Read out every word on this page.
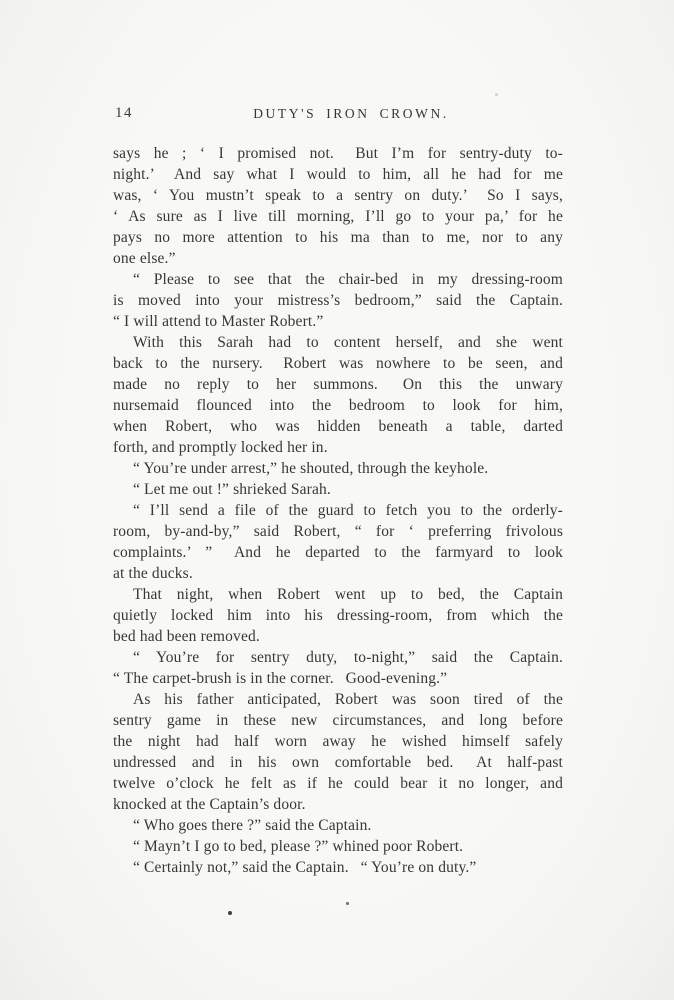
14	DUTY'S IRON CROWN.
says he ; ‘ I promised not.  But I’m for sentry-duty to-
night.’  And say what I would to him, all he had for me
was, ‘ You mustn’t speak to a sentry on duty.’  So I says,
‘ As sure as I live till morning, I’ll go to your pa,’ for he
pays no more attention to his ma than to me, nor to any
one else.”
“ Please to see that the chair-bed in my dressing-room
is moved into your mistress’s bedroom,” said the Captain.
“ I will attend to Master Robert.”
With this Sarah had to content herself, and she went
back to the nursery.  Robert was nowhere to be seen, and
made no reply to her summons.  On this the unwary
nursemaid flounced into the bedroom to look for him,
when Robert, who was hidden beneath a table, darted
forth, and promptly locked her in.
“ You’re under arrest,” he shouted, through the keyhole.
“ Let me out !” shrieked Sarah.
“ I’ll send a file of the guard to fetch you to the orderly-
room, by-and-by,” said Robert, “ for ‘ preferring frivolous
complaints.’ ”  And he departed to the farmyard to look
at the ducks.
That night, when Robert went up to bed, the Captain
quietly locked him into his dressing-room, from which the
bed had been removed.
“ You’re for sentry duty, to-night,” said the Captain.
“ The carpet-brush is in the corner.  Good-evening.”
As his father anticipated, Robert was soon tired of the
sentry game in these new circumstances, and long before
the night had half worn away he wished himself safely
undressed and in his own comfortable bed.  At half-past
twelve o’clock he felt as if he could bear it no longer, and
knocked at the Captain’s door.
“ Who goes there ?” said the Captain.
“ Mayn’t I go to bed, please ?” whined poor Robert.
“ Certainly not,” said the Captain.  “ You’re on duty.”
